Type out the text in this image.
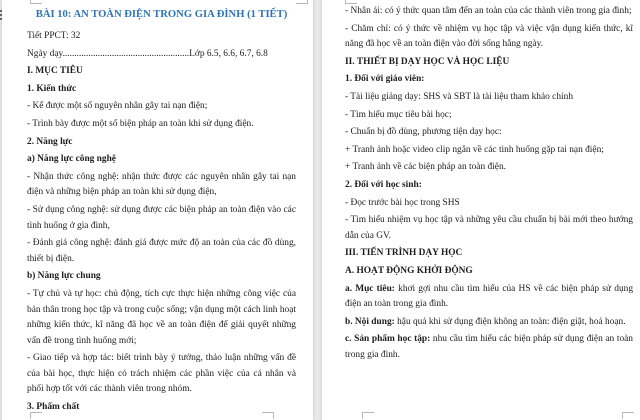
BÀI 10: AN TOÀN ĐIỆN TRONG GIA ĐÌNH (1 TIẾT)

Tiết PPCT: 32

Ngày dạy......................................................Lớp 6.5, 6.6, 6.7, 6.8

I. MỤC TIÊU

1. Kiến thức

- Kể được một số nguyên nhân gây tai nạn điện;

- Trình bày được một số biện pháp an toàn khi sử dụng điện.

2. Năng lực

a) Năng lực công nghệ

- Nhận thức công nghệ: nhận thức được các nguyên nhân gây tai nạn điện và những biện pháp an toàn khi sử dụng điện,

- Sử dụng công nghệ: sử dụng được các biện pháp an toàn điện vào các tình huống ở gia đình,

- Đánh giá công nghệ: đánh giá được mức độ an toàn của các đồ dùng, thiết bị điện.

b) Năng lực chung

- Tự chủ và tự học: chủ động, tích cực thực hiện những công việc của bản thân trong học tập và trong cuộc sống; vận dụng một cách linh hoạt những kiến thức, kĩ năng đã học về an toàn điện để giải quyết những vấn đề trong tình huống mới;

- Giao tiếp và hợp tác: biết trình bày ý tưởng, thảo luận những vấn đề của bài học, thực hiện có trách nhiệm các phần việc của cá nhân và phối hợp tốt với các thành viên trong nhóm.

3. Phẩm chất

- Nhân ái: có ý thức quan tâm đến an toàn của các thành viên trong gia đình;

- Chăm chỉ: có ý thức về nhiệm vụ học tập và việc vận dụng kiến thức, kĩ năng đã học về an toàn điện vào đời sống hằng ngày.

II. THIẾT BỊ DẠY HỌC VÀ HỌC LIỆU

1. Đối với giáo viên:

- Tài liệu giảng dạy: SHS và SBT là tài liệu tham khảo chính

- Tìm hiểu mục tiêu bài học;

- Chuẩn bị đồ dùng, phương tiện dạy học:

+ Tranh ảnh hoặc video clip ngắn về các tình huống gặp tai nạn điện;

+ Tranh ảnh về các biện pháp an toàn điện.

2. Đối với học sinh:

- Đọc trước bài học trong SHS

- Tìm hiểu nhiệm vụ học tập và những yêu cầu chuẩn bị bài mới theo hướng dẫn của GV.

III. TIẾN TRÌNH DẠY HỌC

A. HOẠT ĐỘNG KHỞI ĐỘNG

a. Mục tiêu: khơi gợi nhu cầu tìm hiểu của HS về các biện pháp sử dụng điện an toàn trong gia đình.

b. Nội dung: hậu quả khi sử dụng điện không an toàn: điện giật, hoả hoạn.

c. Sản phẩm học tập: nhu cầu tìm hiểu các biện pháp sử dụng điện an toàn trong gia đình.
